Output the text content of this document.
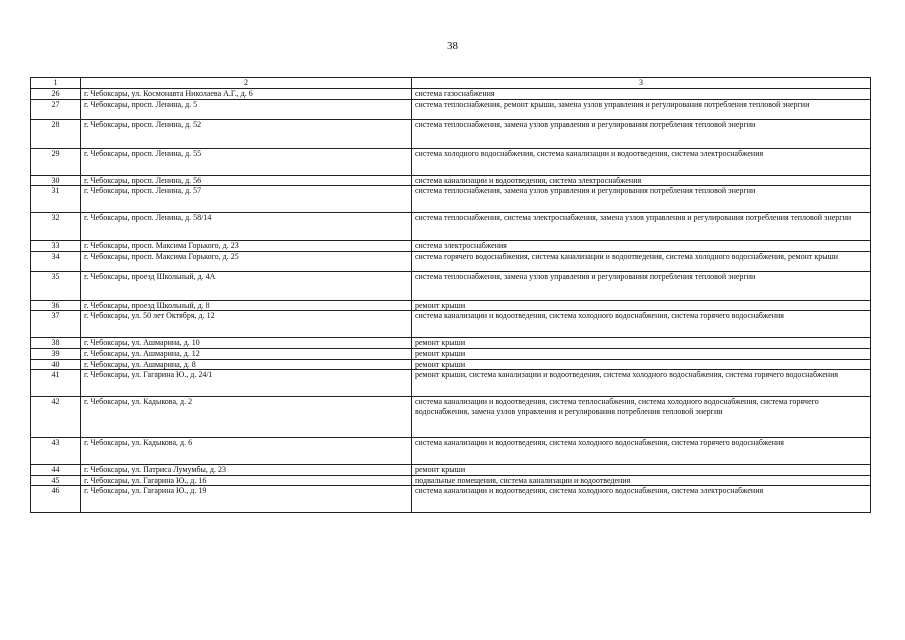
38
1	2	3
26	г. Чебоксары, ул. Космонавта Николаева А.Г., д. 6	система газоснабжения
27	г. Чебоксары, просп. Ленина, д. 5	система теплоснабжения, ремонт крыши, замена узлов управления и регулирования потребления тепловой энергии
28	г. Чебоксары, просп. Ленина, д. 52	система теплоснабжения, замена узлов управления и регулирования потребления тепловой энергии
29	г. Чебоксары, просп. Ленина, д. 55	система холодного водоснабжения, система канализации и водоотведения, система электроснабжения
30	г. Чебоксары, просп. Ленина, д. 56	система канализации и водоотведения, система электроснабжения
31	г. Чебоксары, просп. Ленина, д. 57	система теплоснабжения, замена узлов управления и регулирования потребления тепловой энергии
32	г. Чебоксары, просп. Ленина, д. 58/14	система теплоснабжения, система электроснабжения, замена узлов управления и регулирования потребления тепловой энергии
33	г. Чебоксары, просп. Максима Горького, д. 23	система электроснабжения
34	г. Чебоксары, просп. Максима Горького, д. 25	система горячего водоснабжения, система канализации и водоотведения, система холодного водоснабжения, ремонт крыши
35	г. Чебоксары, проезд Школьный, д. 4А	система теплоснабжения, замена узлов управления и регулирования потребления тепловой энергии
36	г. Чебоксары, проезд Школьный, д. 8	ремонт крыши
37	г. Чебоксары, ул. 50 лет Октября, д. 12	система канализации и водоотведения, система холодного водоснабжения, система горячего водоснабжения
38	г. Чебоксары, ул. Ашмарина, д. 10	ремонт крыши
39	г. Чебоксары, ул. Ашмарина, д. 12	ремонт крыши
40	г. Чебоксары, ул. Ашмарина, д. 8	ремонт крыши
41	г. Чебоксары, ул. Гагарина Ю., д. 24/1	ремонт крыши, система канализации и водоотведения, система холодного водоснабжения, система горячего водоснабжения
42	г. Чебоксары, ул. Кадыкова, д. 2	система канализации и водоотведения, система теплоснабжения, система холодного водоснабжения, система горячего водоснабжения, замена узлов управления и регулирования потребления тепловой энергии
43	г. Чебоксары, ул. Кадыкова, д. 6	система канализации и водоотведения, система холодного водоснабжения, система горячего водоснабжения
44	г. Чебоксары, ул. Патриса Лумумбы, д. 23	ремонт крыши
45	г. Чебоксары, ул. Гагарина Ю., д. 16	подвальные помещения, система канализации и водоотведения
46	г. Чебоксары, ул. Гагарина Ю., д. 19	система канализации и водоотведения, система холодного водоснабжения, система электроснабжения
